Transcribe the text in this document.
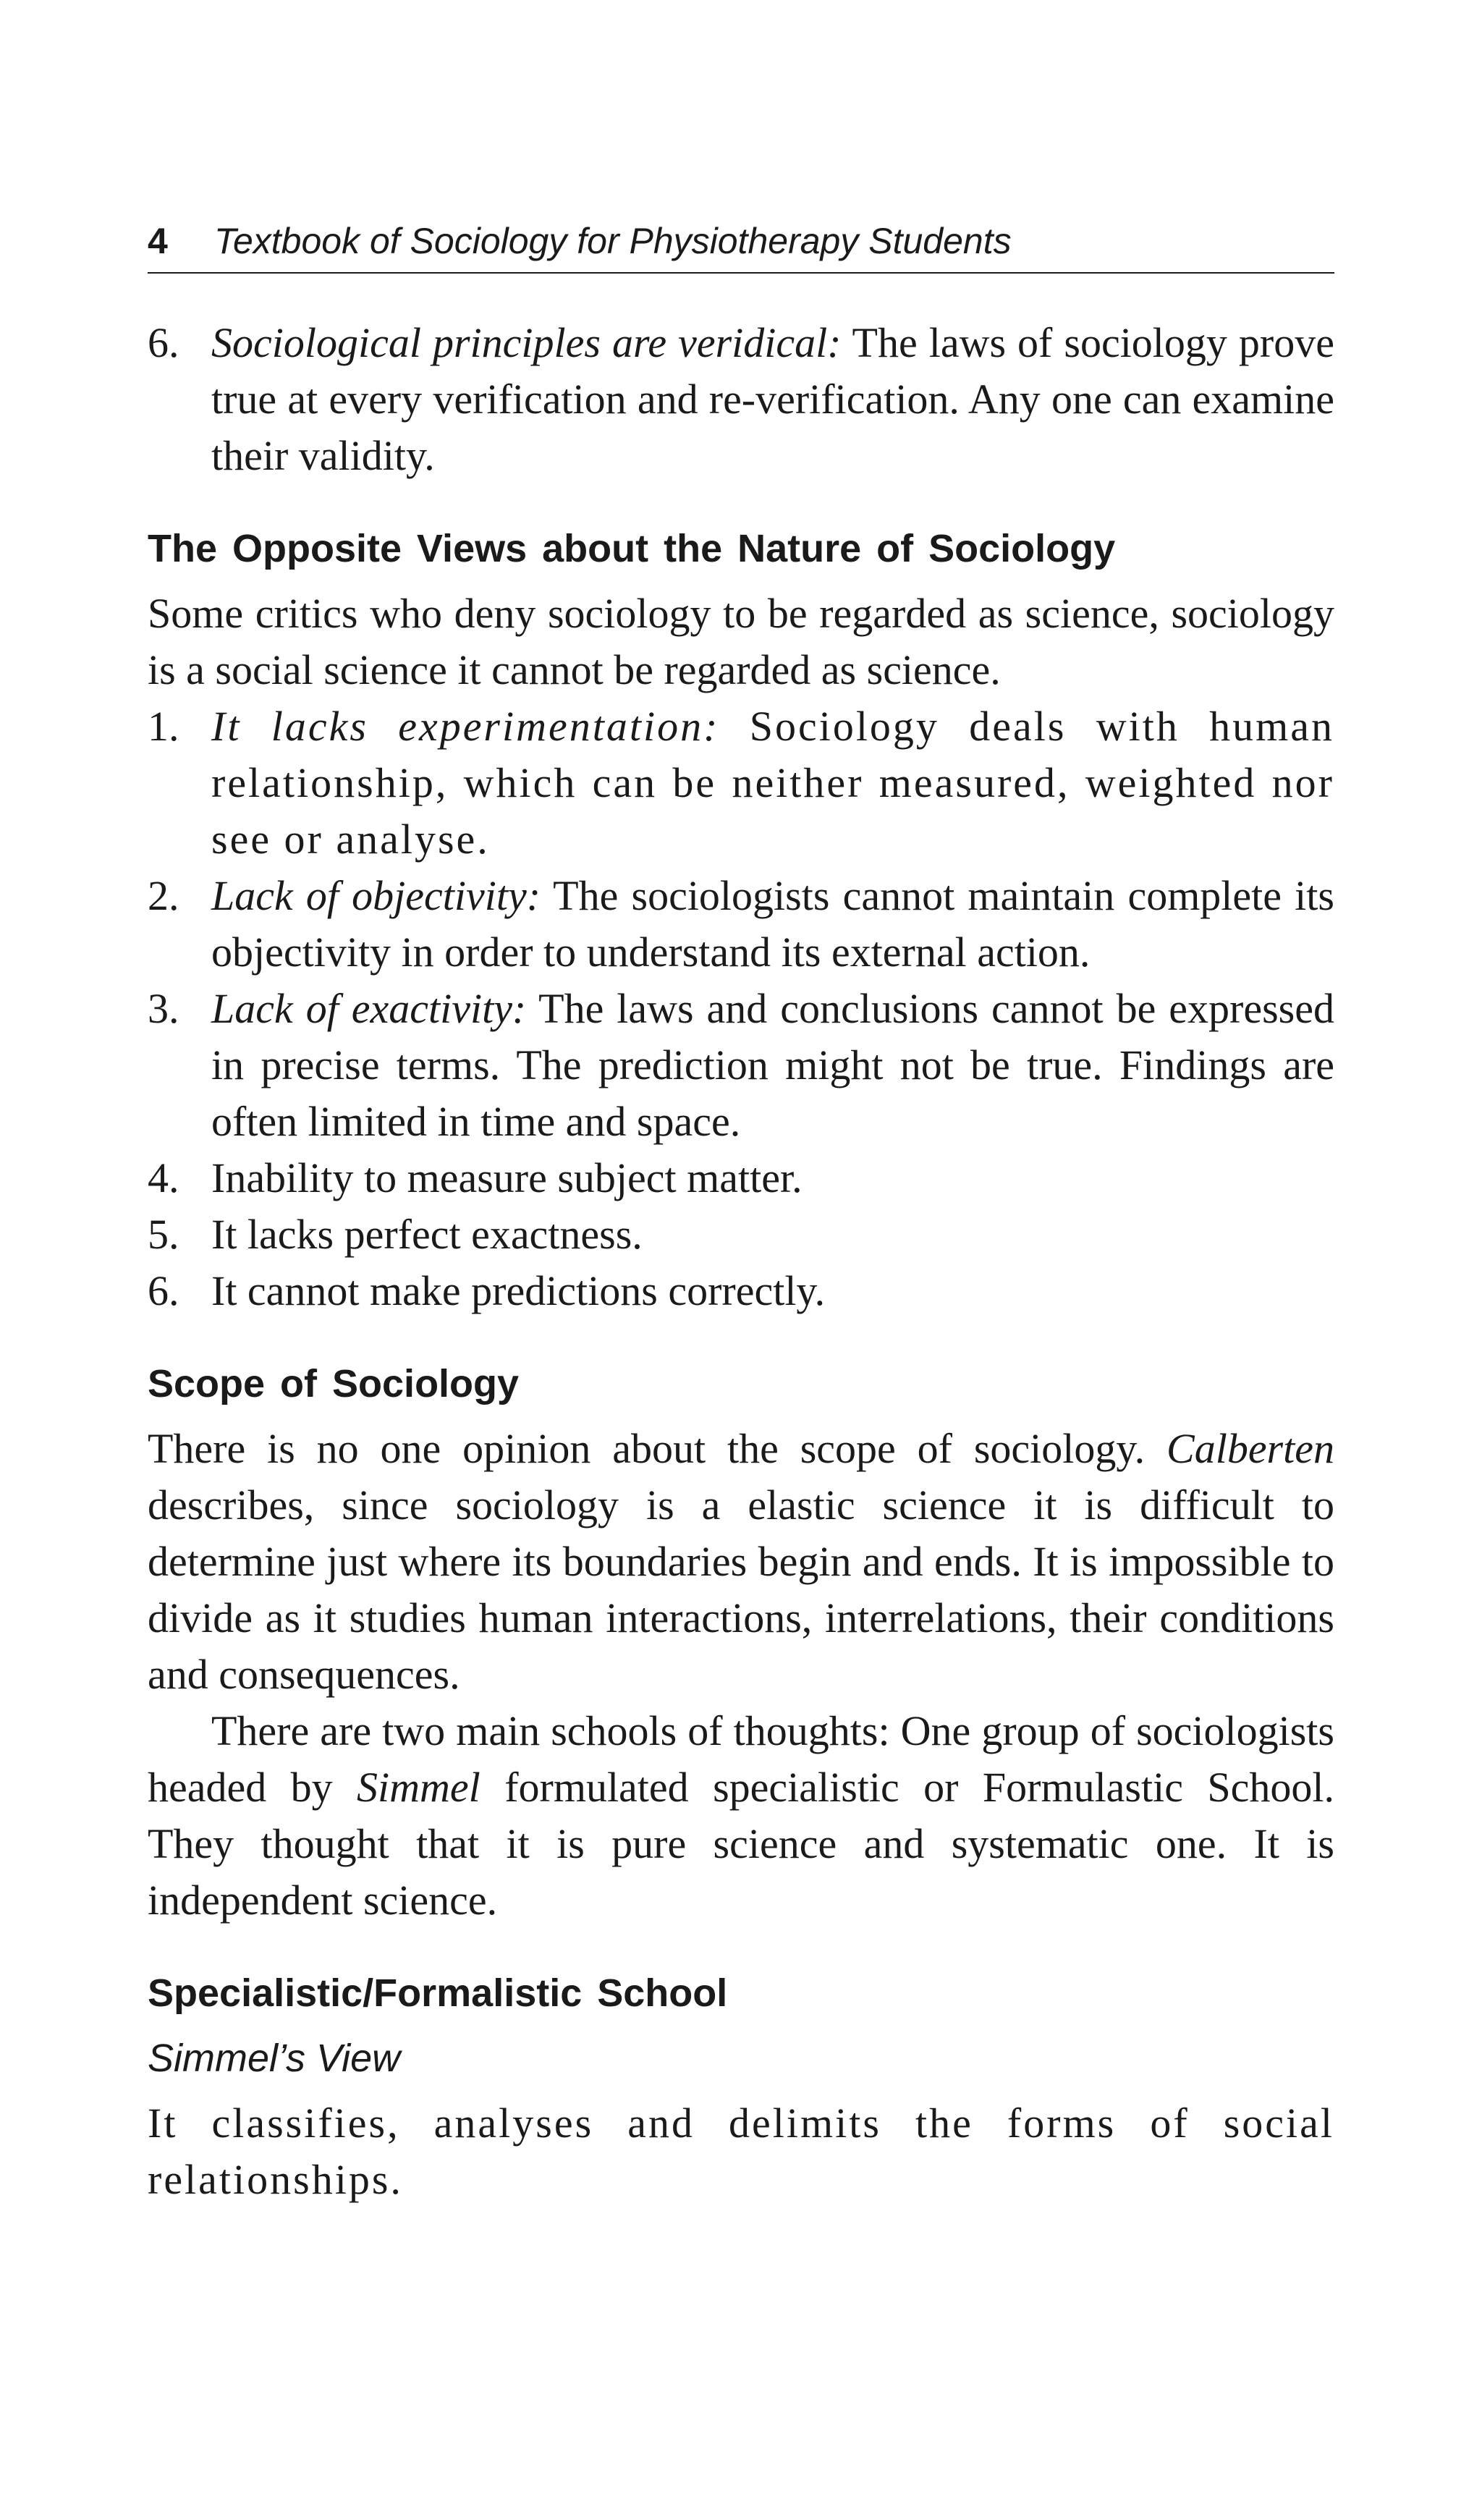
4 Textbook of Sociology for Physiotherapy Students
6. Sociological principles are veridical: The laws of sociology prove true at every verification and re-verification. Any one can examine their validity.
The Opposite Views about the Nature of Sociology

Some critics who deny sociology to be regarded as science, sociology is a social science it cannot be regarded as science.

1. It lacks experimentation: Sociology deals with human relationship, which can be neither measured, weighted nor see or analyse.
2. Lack of objectivity: The sociologists cannot maintain complete its objectivity in order to understand its external action.
3. Lack of exactivity: The laws and conclusions cannot be expressed in precise terms. The prediction might not be true. Findings are often limited in time and space.
4. Inability to measure subject matter.
5. It lacks perfect exactness.
6. It cannot make predictions correctly.
Scope of Sociology

There is no one opinion about the scope of sociology. Calberten describes, since sociology is a elastic science it is difficult to determine just where its boundaries begin and ends. It is impossible to divide as it studies human interactions, interrelations, their conditions and consequences.

There are two main schools of thoughts: One group of sociologists headed by Simmel formulated specialistic or Formulastic School. They thought that it is pure science and systematic one. It is independent science.

Specialistic/Formalistic School
Simmel’s View

It classifies, analyses and delimits the forms of social relationships.
